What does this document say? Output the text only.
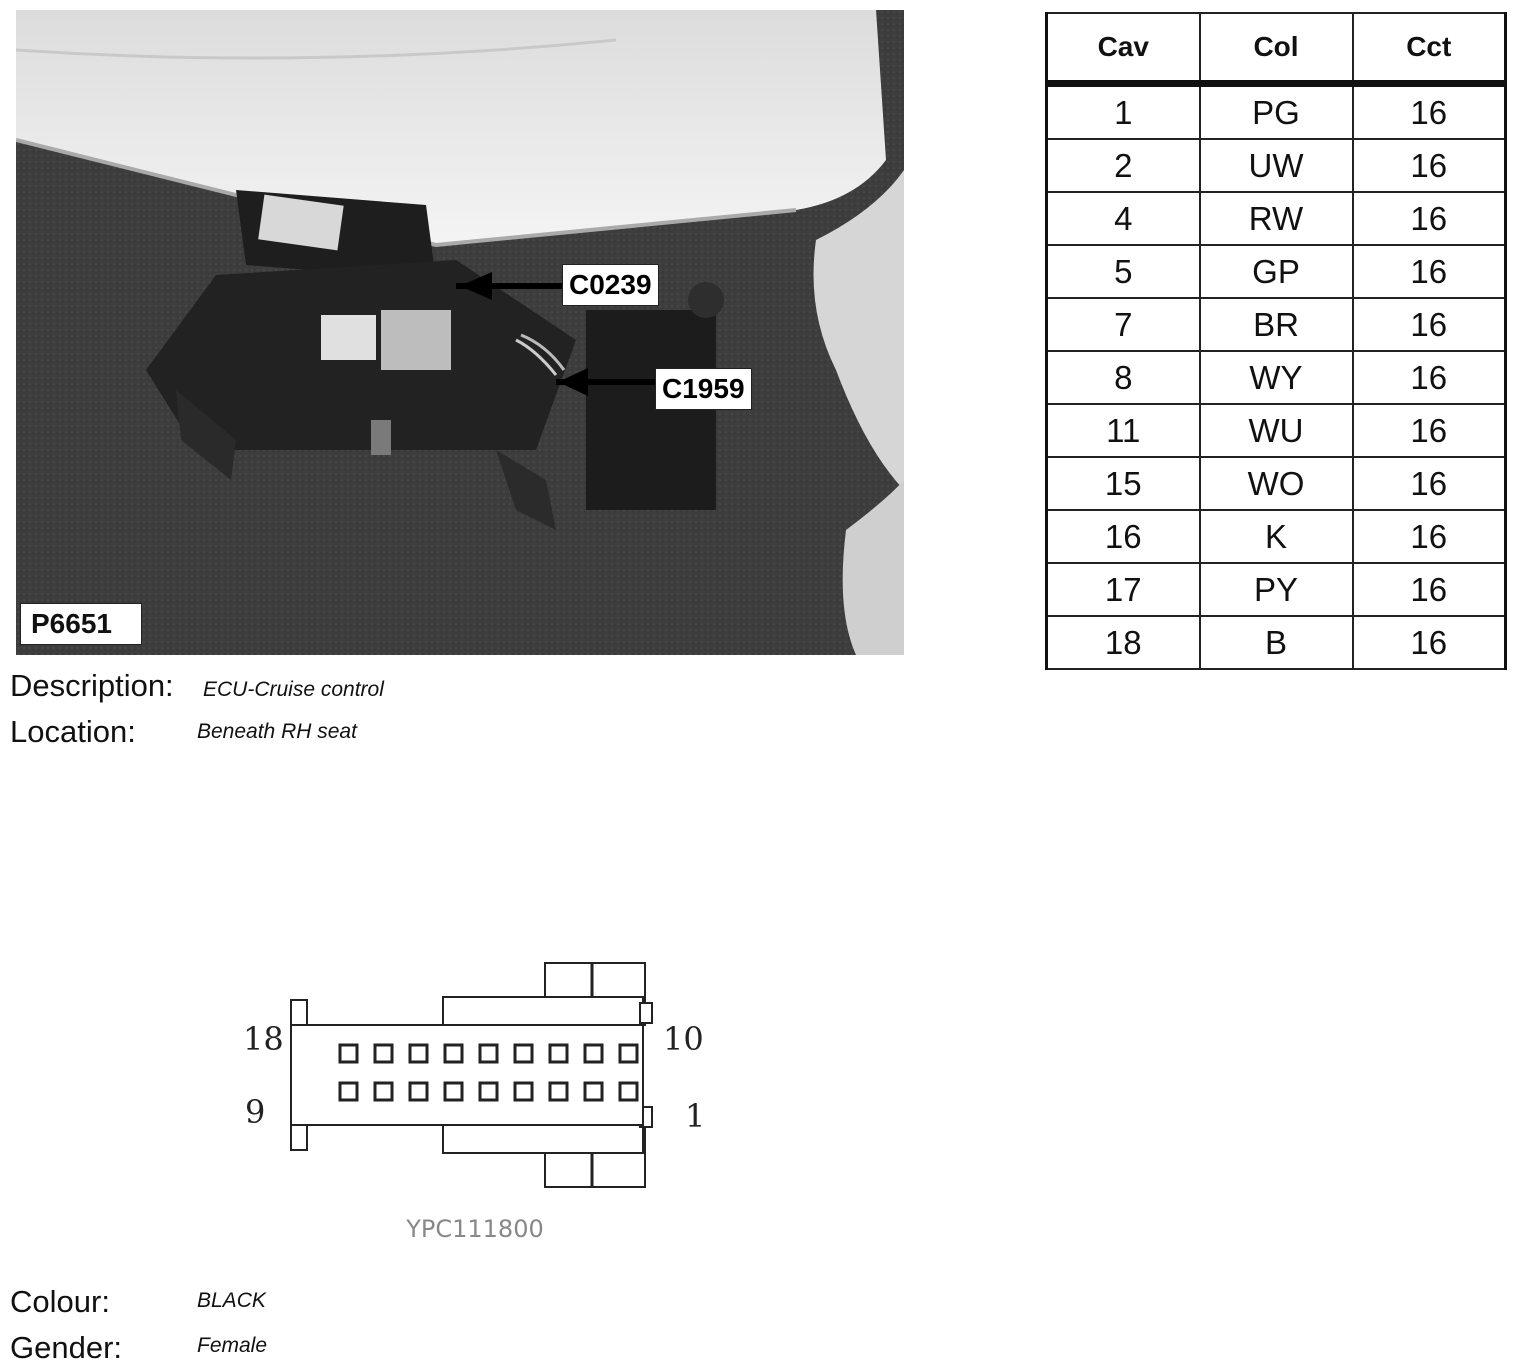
C0239
C1959
P6651
Description: ECU-Cruise control
Location:	Beneath RH seat
Cav	Col	Cct
1	PG	16
2	UW	16
4	RW	16
5	GP	16
7	BR	16
8	WY	16
11	WU	16
15	WO	16
16	K	16
17	PY	16
18	B	16
18
9
10
1
YPC111800
Colour:	BLACK
Gender:	Female
